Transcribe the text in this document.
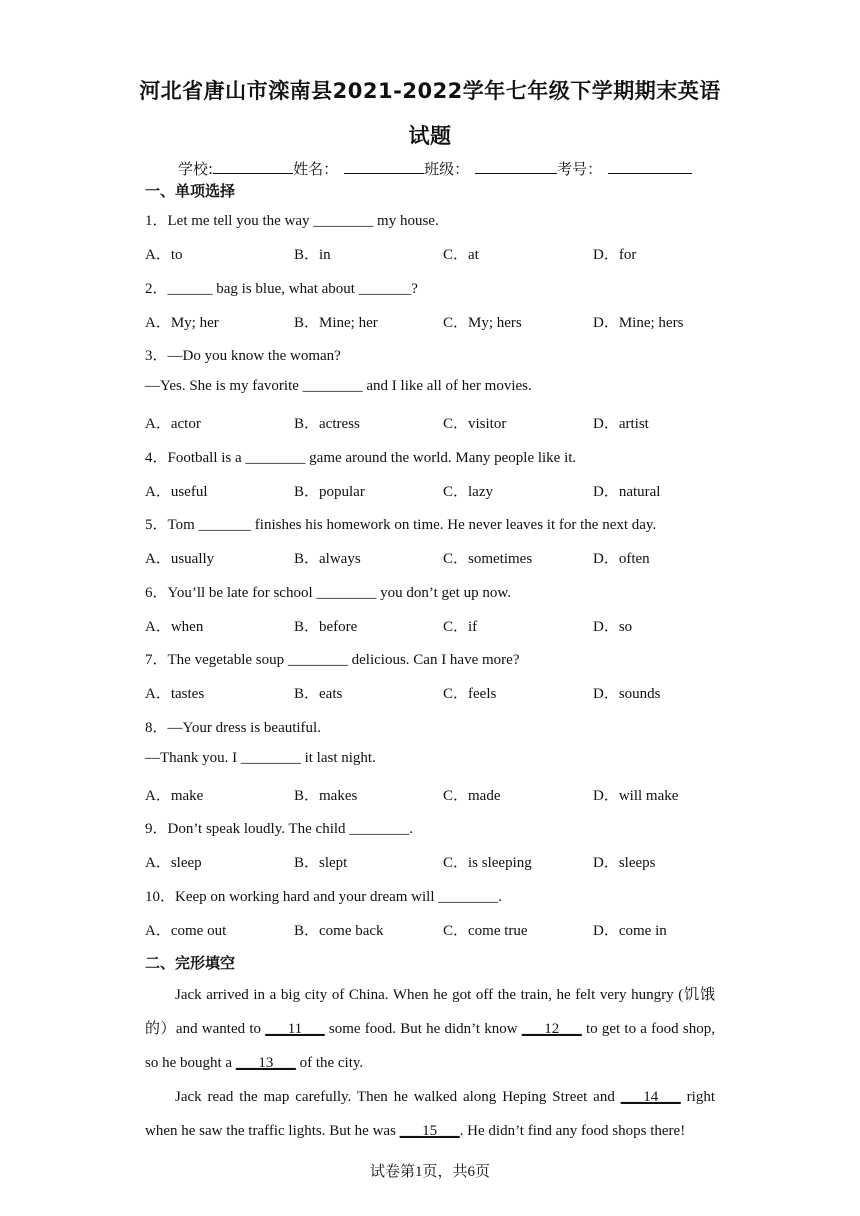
河北省唐山市滦南县2021-2022学年七年级下学期期末英语
试题
学校:	姓名：	班级：	考号：
一、单项选择
1．Let me tell you the way ________ my house.
A．to	B．in	C．at	D．for
2．______ bag is blue, what about _______?
A．My; her	B．Mine; her	C．My; hers	D．Mine; hers
3．—Do you know the woman?
—Yes. She is my favorite ________ and I like all of her movies.
A．actor	B．actress	C．visitor	D．artist
4．Football is a ________ game around the world. Many people like it.
A．useful	B．popular	C．lazy	D．natural
5．Tom _______ finishes his homework on time. He never leaves it for the next day.
A．usually	B．always	C．sometimes	D．often
6．You’ll be late for school ________ you don’t get up now.
A．when	B．before	C．if	D．so
7．The vegetable soup ________ delicious. Can I have more?
A．tastes	B．eats	C．feels	D．sounds
8．—Your dress is beautiful.
—Thank you. I ________ it last night.
A．make	B．makes	C．made	D．will make
9．Don’t speak loudly. The child ________.
A．sleep	B．slept	C．is sleeping	D．sleeps
10．Keep on working hard and your dream will ________.
A．come out	B．come back	C．come true	D．come in
二、完形填空
Jack arrived in a big city of China. When he got off the train, he felt very hungry (饥饿的）and wanted to ___11___ some food. But he didn’t know ___12___ to get to a food shop, so he bought a ___13___ of the city.
Jack read the map carefully. Then he walked along Heping Street and ___14___ right when he saw the traffic lights. But he was ___15___. He didn’t find any food shops there!
试卷第1页，共6页
